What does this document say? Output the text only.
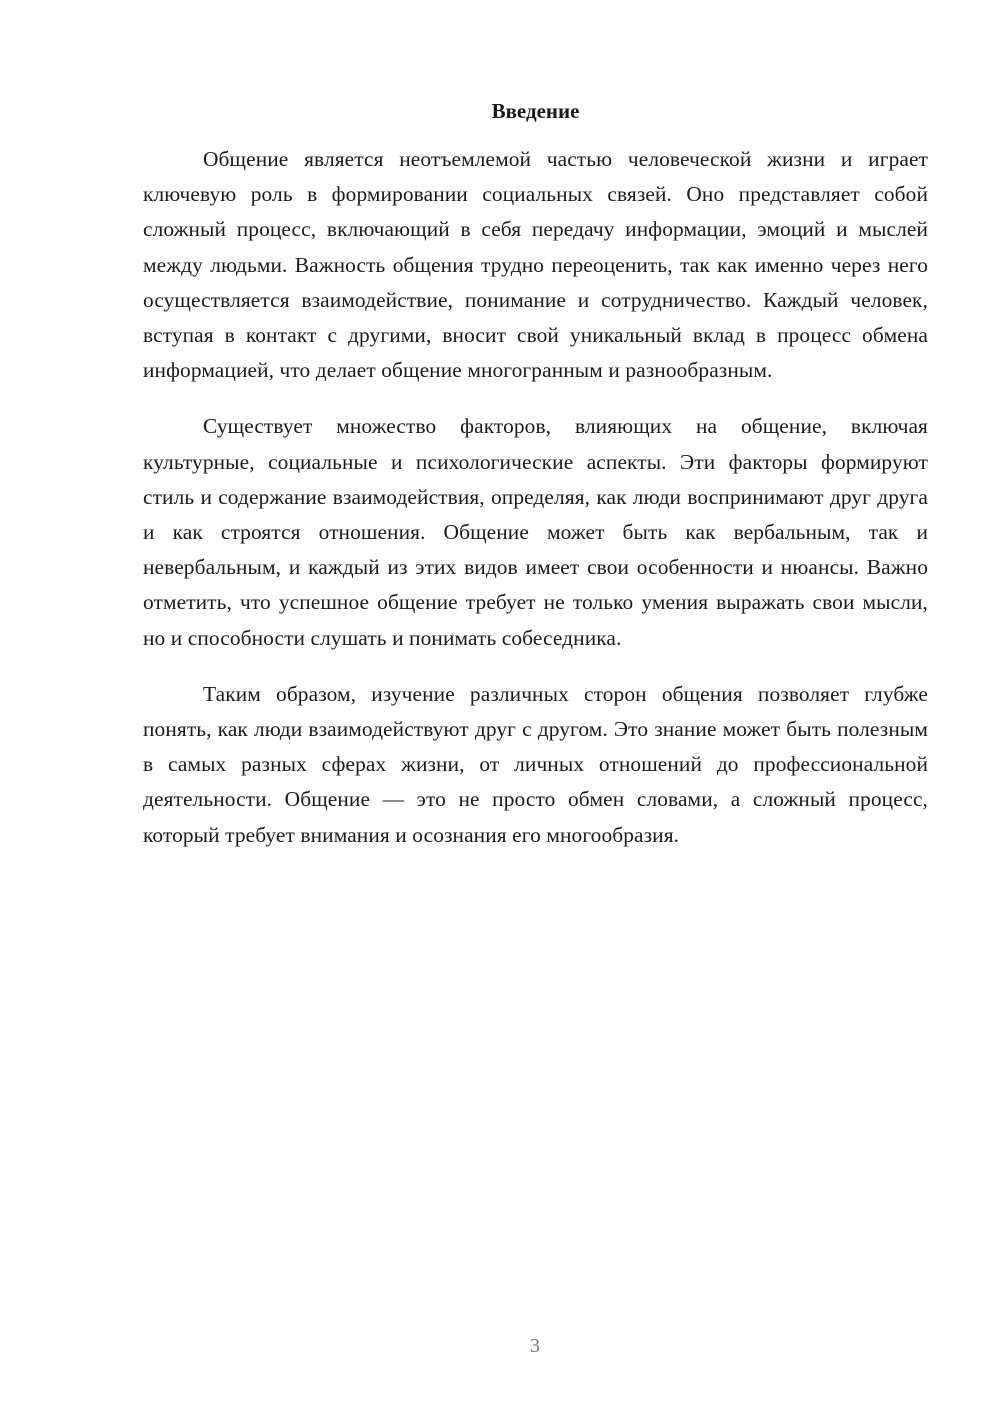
Введение

Общение является неотъемлемой частью человеческой жизни и играет ключевую роль в формировании социальных связей. Оно представляет собой сложный процесс, включающий в себя передачу информации, эмоций и мыслей между людьми. Важность общения трудно переоценить, так как именно через него осуществляется взаимодействие, понимание и сотрудничество. Каждый человек, вступая в контакт с другими, вносит свой уникальный вклад в процесс обмена информацией, что делает общение многогранным и разнообразным.

Существует множество факторов, влияющих на общение, включая культурные, социальные и психологические аспекты. Эти факторы формируют стиль и содержание взаимодействия, определяя, как люди воспринимают друг друга и как строятся отношения. Общение может быть как вербальным, так и невербальным, и каждый из этих видов имеет свои особенности и нюансы. Важно отметить, что успешное общение требует не только умения выражать свои мысли, но и способности слушать и понимать собеседника.

Таким образом, изучение различных сторон общения позволяет глубже понять, как люди взаимодействуют друг с другом. Это знание может быть полезным в самых разных сферах жизни, от личных отношений до профессиональной деятельности. Общение — это не просто обмен словами, а сложный процесс, который требует внимания и осознания его многообразия.

3
